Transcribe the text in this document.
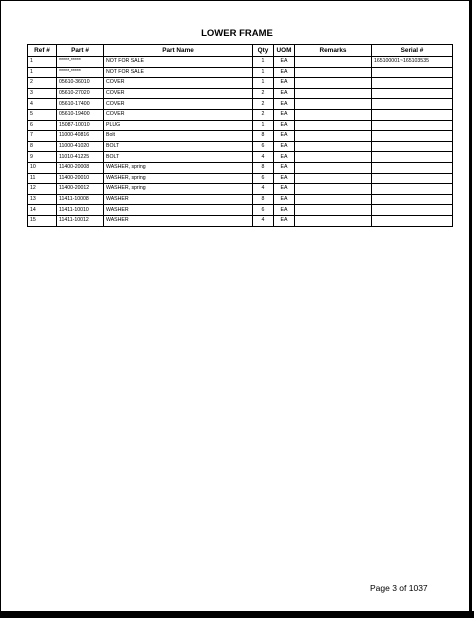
LOWER FRAME
Ref #	Part #	Part Name	Qty	UOM	Remarks	Serial #
1	*****-*****	NOT FOR SALE	1	EA		165100001~165103535
1	*****-*****	NOT FOR SALE	1	EA		
2	05610-36010	COVER	1	EA		
3	05610-27020	COVER	2	EA		
4	05610-17400	COVER	2	EA		
5	05610-19400	COVER	2	EA		
6	15087-10010	PLUG	1	EA		
7	11000-40816	Bolt	8	EA		
8	11000-41020	BOLT	6	EA		
9	11010-41225	BOLT	4	EA		
10	11400-20008	WASHER, spring	8	EA		
11	11400-20010	WASHER, spring	6	EA		
12	11400-20012	WASHER, spring	4	EA		
13	11411-10008	WASHER	8	EA		
14	11411-10010	WASHER	6	EA		
15	11411-10012	WASHER	4	EA		
Page 3 of 1037
